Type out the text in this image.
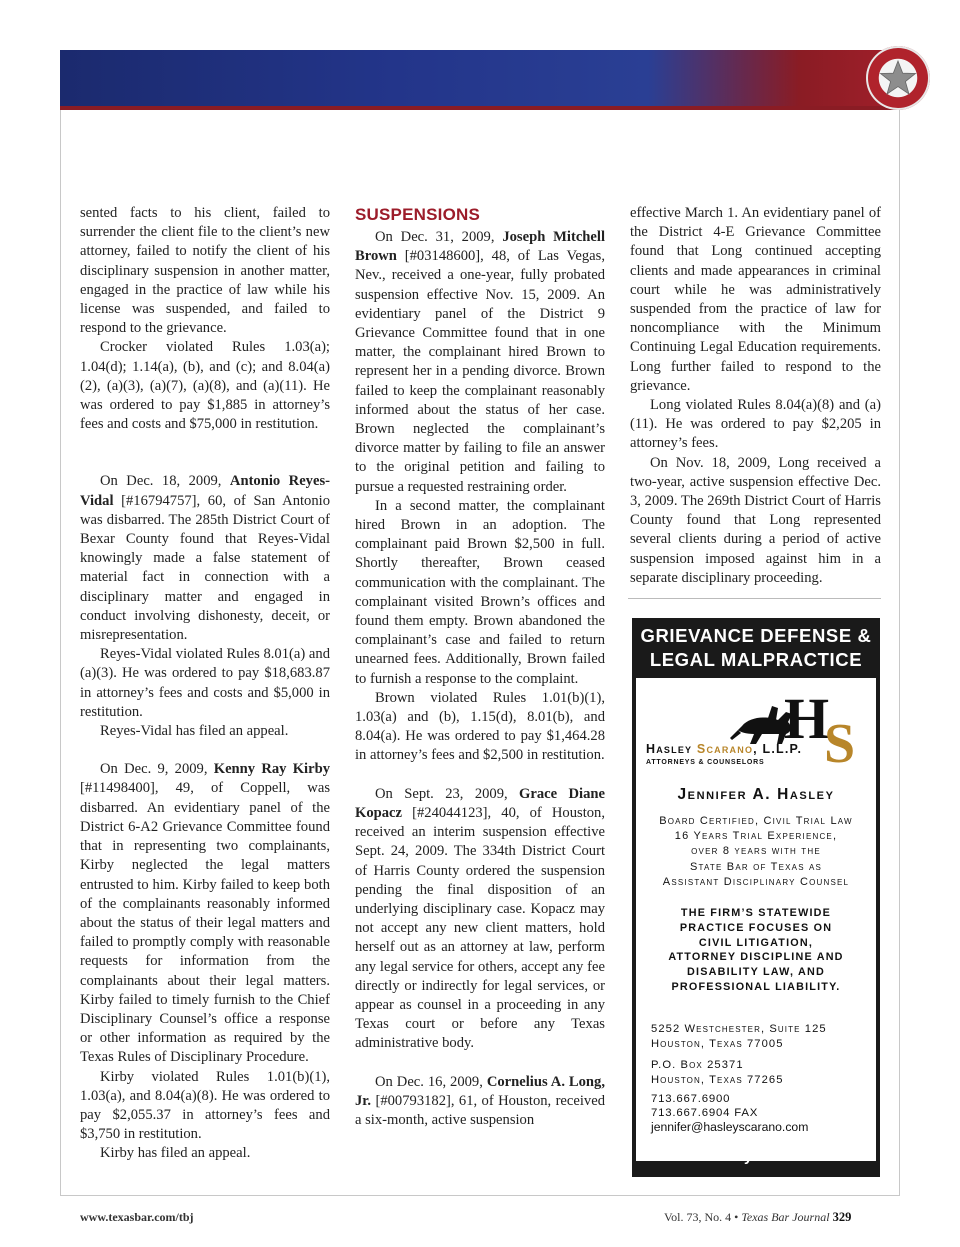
sented facts to his client, failed to surrender the client file to the client’s new attorney, failed to notify the client of his disciplinary suspension in another matter, engaged in the practice of law while his license was suspended, and failed to respond to the grievance.

Crocker violated Rules 1.03(a); 1.04(d); 1.14(a), (b), and (c); and 8.04(a)(2), (a)(3), (a)(7), (a)(8), and (a)(11). He was ordered to pay $1,885 in attorney’s fees and costs and $75,000 in restitution.

On Dec. 18, 2009, Antonio Reyes-Vidal [#16794757], 60, of San Antonio was disbarred. The 285th District Court of Bexar County found that Reyes-Vidal knowingly made a false statement of material fact in connection with a disciplinary matter and engaged in conduct involving dishonesty, deceit, or misrepresentation.

Reyes-Vidal violated Rules 8.01(a) and (a)(3). He was ordered to pay $18,683.87 in attorney’s fees and costs and $5,000 in restitution.

Reyes-Vidal has filed an appeal.

On Dec. 9, 2009, Kenny Ray Kirby [#11498400], 49, of Coppell, was disbarred. An evidentiary panel of the District 6-A2 Grievance Committee found that in representing two complainants, Kirby neglected the legal matters entrusted to him. Kirby failed to keep both of the complainants reasonably informed about the status of their legal matters and failed to promptly comply with reasonable requests for information from the complainants about their legal matters. Kirby failed to timely furnish to the Chief Disciplinary Counsel’s office a response or other information as required by the Texas Rules of Disciplinary Procedure.

Kirby violated Rules 1.01(b)(1), 1.03(a), and 8.04(a)(8). He was ordered to pay $2,055.37 in attorney’s fees and $3,750 in restitution.

Kirby has filed an appeal.

SUSPENSIONS

On Dec. 31, 2009, Joseph Mitchell Brown [#03148600], 48, of Las Vegas, Nev., received a one-year, fully probated suspension effective Nov. 15, 2009. An evidentiary panel of the District 9 Grievance Committee found that in one matter, the complainant hired Brown to represent her in a pending divorce. Brown failed to keep the complainant reasonably informed about the status of her case. Brown neglected the complainant’s divorce matter by failing to file an answer to the original petition and failing to pursue a requested restraining order.

In a second matter, the complainant hired Brown in an adoption. The complainant paid Brown $2,500 in full. Shortly thereafter, Brown ceased communication with the complainant. The complainant visited Brown’s offices and found them empty. Brown abandoned the complainant’s case and failed to return unearned fees. Additionally, Brown failed to furnish a response to the complaint.

Brown violated Rules 1.01(b)(1), 1.03(a) and (b), 1.15(d), 8.01(b), and 8.04(a). He was ordered to pay $1,464.28 in attorney’s fees and $2,500 in restitution.

On Sept. 23, 2009, Grace Diane Kopacz [#24044123], 40, of Houston, received an interim suspension effective Sept. 24, 2009. The 334th District Court of Harris County ordered the suspension pending the final disposition of an underlying disciplinary case. Kopacz may not accept any new client matters, hold herself out as an attorney at law, perform any legal service for others, accept any fee directly or indirectly for legal services, or appear as counsel in a proceeding in any Texas court or before any Texas administrative body.

On Dec. 16, 2009, Cornelius A. Long, Jr. [#00793182], 61, of Houston, received a six-month, active suspension

effective March 1. An evidentiary panel of the District 4-E Grievance Committee found that Long continued accepting clients and made appearances in criminal court while he was administratively suspended from the practice of law for noncompliance with the Minimum Continuing Legal Education requirements. Long further failed to respond to the grievance.

Long violated Rules 8.04(a)(8) and (a)(11). He was ordered to pay $2,205 in attorney’s fees.

On Nov. 18, 2009, Long received a two-year, active suspension effective Dec. 3, 2009. The 269th District Court of Harris County found that Long represented several clients during a period of active suspension imposed against him in a separate disciplinary proceeding.

GRIEVANCE DEFENSE &
LEGAL MALPRACTICE
H
S
Hasley Scarano, L.L.P.
ATTORNEYS & COUNSELORS
Jennifer A. Hasley
Board Certified, Civil Trial Law
16 Years Trial Experience,
over 8 years with the
State Bar of Texas as
Assistant Disciplinary Counsel
THE FIRM’S STATEWIDE
PRACTICE FOCUSES ON
CIVIL LITIGATION,
ATTORNEY DISCIPLINE AND
DISABILITY LAW, AND
PROFESSIONAL LIABILITY.
5252 Westchester, Suite 125
Houston, Texas 77005
P.O. Box 25371
Houston, Texas 77265
713.667.6900
713.667.6904 FAX
jennifer@hasleyscarano.com
www.hasleyscarano.com
www.texasbar.com/tbj	Vol. 73, No. 4 • Texas Bar Journal 329
